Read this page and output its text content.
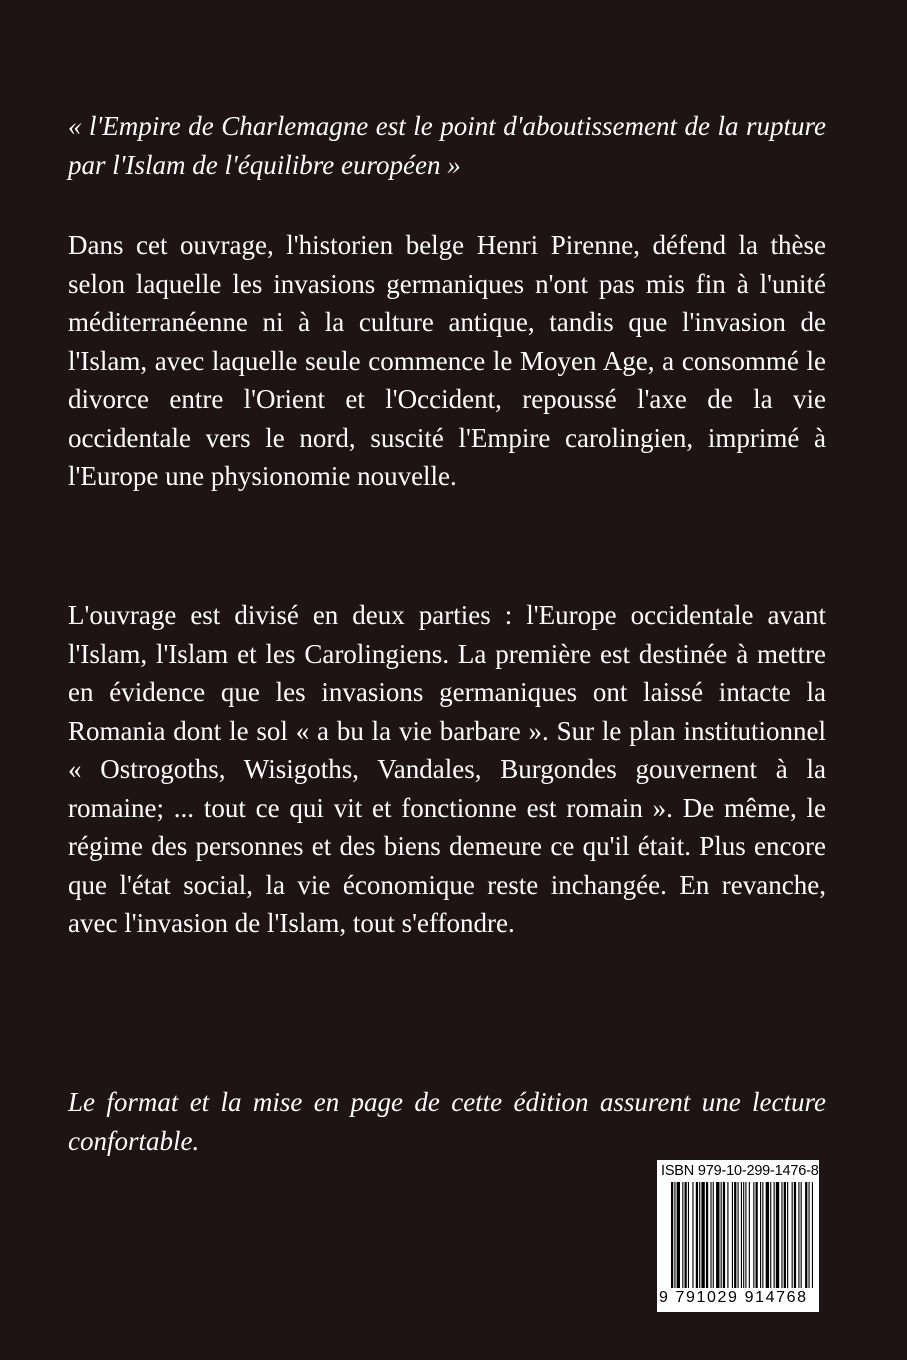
« l'Empire de Charlemagne est le point d'aboutissement de la rupture par l'Islam de l'équilibre européen »

Dans cet ouvrage, l'historien belge Henri Pirenne, défend la thèse selon laquelle les invasions germaniques n'ont pas mis fin à l'unité méditerranéenne ni à la culture antique, tandis que l'invasion de l'Islam, avec laquelle seule commence le Moyen Age, a consommé le divorce entre l'Orient et l'Occident, repoussé l'axe de la vie occidentale vers le nord, suscité l'Empire carolingien, imprimé à l'Europe une physionomie nouvelle.

L'ouvrage est divisé en deux parties : l'Europe occidentale avant l'Islam, l'Islam et les Carolingiens. La première est destinée à mettre en évidence que les invasions germaniques ont laissé intacte la Romania dont le sol « a bu la vie barbare ». Sur le plan institutionnel « Ostrogoths, Wisigoths, Vandales, Burgondes gouvernent à la romaine; ... tout ce qui vit et fonctionne est romain ». De même, le régime des personnes et des biens demeure ce qu'il était. Plus encore que l'état social, la vie économique reste inchangée. En revanche, avec l'invasion de l'Islam, tout s'effondre.

Le format et la mise en page de cette édition assurent une lecture confortable.

ISBN 979-10-299-1476-8
9 791029 914768
